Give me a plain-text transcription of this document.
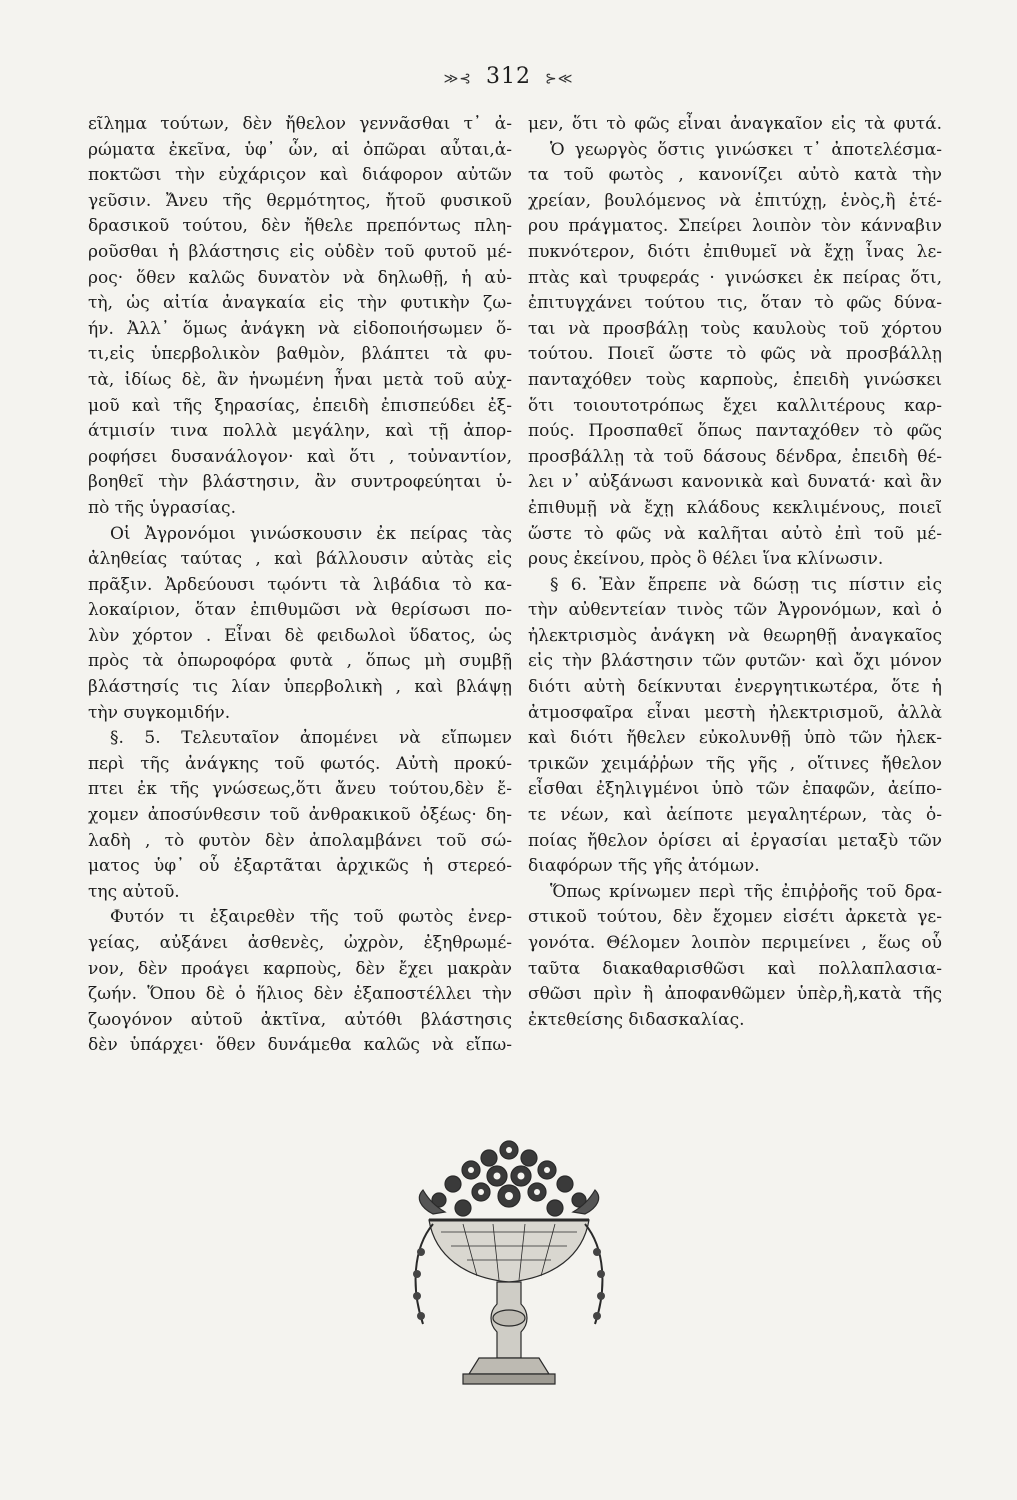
≫⊰ 312 ⊱≪
εῖλημα τούτων, δὲν ἤθελον γεννᾶσθαι τ᾽ ἀ-
ρώματα ἐκεῖνα, ὑφ᾽ ὧν, αἱ ὀπῶραι αὗται,ἀ-
ποκτῶσι τὴν εὐχάριςον καὶ διάφορον αὐτῶν
γεῦσιν. Ἄνευ τῆς θερμότητος, ἤτοῦ φυσικοῦ
δρασικοῦ τούτου, δὲν ἤθελε πρεπόντως πλη-
ροῦσθαι ἡ βλάστησις εἰς οὐδὲν τοῦ φυτοῦ μέ-
ρος· ὅθεν καλῶς δυνατὸν νὰ δηλωθῇ, ἡ αὐ-
τὴ, ὡς αἰτία ἀναγκαία εἰς τὴν φυτικὴν ζω-
ήν. Ἀλλ᾽ ὅμως ἀνάγκη νὰ εἰδοποιήσωμεν ὅ-
τι,εἰς ὑπερβολικὸν βαθμὸν, βλάπτει τὰ φυ-
τὰ, ἰδίως δὲ, ἂν ἡνωμένη ἦναι μετὰ τοῦ αὐχ-
μοῦ καὶ τῆς ξηρασίας, ἐπειδὴ ἐπισπεύδει ἐξ-
άτμισίν τινα πολλὰ μεγάλην, καὶ τῇ ἀπορ-
ροφήσει δυσανάλογον· καὶ ὅτι , τοὐναντίον,
βοηθεῖ τὴν βλάστησιν, ἂν συντροφεύηται ὑ-
πὸ τῆς ὑγρασίας.
Οἱ Ἀγρονόμοι γινώσκουσιν ἐκ πείρας τὰς
ἀληθείας ταύτας , καὶ βάλλουσιν αὐτὰς εἰς
πρᾶξιν. Ἀρδεύουσι τῳόντι τὰ λιβάδια τὸ κα-
λοκαίριον, ὅταν ἐπιθυμῶσι νὰ θερίσωσι πο-
λὺν χόρτον . Εἶναι δὲ φειδωλοὶ ὕδατος, ὡς
πρὸς τὰ ὀπωροφόρα φυτὰ , ὅπως μὴ συμβῇ
βλάστησίς τις λίαν ὑπερβολικὴ , καὶ βλάψῃ
τὴν συγκομιδήν.
§. 5. Τελευταῖον ἀπομένει νὰ εἴπωμεν
περὶ τῆς ἀνάγκης τοῦ φωτός. Αὐτὴ προκύ-
πτει ἐκ τῆς γνώσεως,ὅτι ἄνευ τούτου,δὲν ἔ-
χομεν ἀποσύνθεσιν τοῦ ἀνθρακικοῦ ὀξέως· δη-
λαδὴ , τὸ φυτὸν δὲν ἀπολαμβάνει τοῦ σώ-
ματος ὑφ᾽ οὗ ἐξαρτᾶται ἀρχικῶς ἡ στερεό-
της αὐτοῦ.
Φυτόν τι ἐξαιρεθὲν τῆς τοῦ φωτὸς ἐνερ-
γείας, αὐξάνει ἀσθενὲς, ὠχρὸν, ἐξηθρωμέ-
νον, δὲν προάγει καρποὺς, δὲν ἔχει μακρὰν
ζωήν. Ὅπου δὲ ὁ ἥλιος δὲν ἐξαποστέλλει τὴν
ζωογόνον αὐτοῦ ἀκτῖνα, αὐτόθι βλάστησις
δὲν ὑπάρχει· ὅθεν δυνάμεθα καλῶς νὰ εἴπω-
μεν, ὅτι τὸ φῶς εἶναι ἀναγκαῖον εἰς τὰ φυτά.
Ὁ γεωργὸς ὅστις γινώσκει τ᾽ ἀποτελέσμα-
τα τοῦ φωτὸς , κανονίζει αὐτὸ κατὰ τὴν
χρείαν, βουλόμενος νὰ ἐπιτύχῃ, ἑνὸς,ἢ ἑτέ-
ρου πράγματος. Σπείρει λοιπὸν τὸν κάνναβιν
πυκνότερον, διότι ἐπιθυμεῖ νὰ ἔχῃ ἶνας λε-
πτὰς καὶ τρυφεράς · γινώσκει ἐκ πείρας ὅτι,
ἐπιτυγχάνει τούτου τις, ὅταν τὸ φῶς δύνα-
ται νὰ προσβάλῃ τοὺς καυλοὺς τοῦ χόρτου
τούτου. Ποιεῖ ὥστε τὸ φῶς νὰ προσβάλλῃ
πανταχόθεν τοὺς καρποὺς, ἐπειδὴ γινώσκει
ὅτι τοιουτοτρόπως ἔχει καλλιτέρους καρ-
πούς. Προσπαθεῖ ὅπως πανταχόθεν τὸ φῶς
προσβάλλῃ τὰ τοῦ δάσους δένδρα, ἐπειδὴ θέ-
λει ν᾽ αὐξάνωσι κανονικὰ καὶ δυνατά· καὶ ἂν
ἐπιθυμῇ νὰ ἔχῃ κλάδους κεκλιμένους, ποιεῖ
ὥστε τὸ φῶς νὰ καλῆται αὐτὸ ἐπὶ τοῦ μέ-
ρους ἐκείνου, πρὸς ὃ θέλει ἵνα κλίνωσιν.
§ 6. Ἐὰν ἔπρεπε νὰ δώσῃ τις πίστιν εἰς
τὴν αὐθεντείαν τινὸς τῶν Ἀγρονόμων, καὶ ὁ
ἠλεκτρισμὸς ἀνάγκη νὰ θεωρηθῇ ἀναγκαῖος
εἰς τὴν βλάστησιν τῶν φυτῶν· καὶ ὄχι μόνον
διότι αὐτὴ δείκνυται ἐνεργητικωτέρα, ὅτε ἡ
ἀτμοσφαῖρα εἶναι μεστὴ ἠλεκτρισμοῦ, ἀλλὰ
καὶ διότι ἤθελεν εὐκολυνθῇ ὑπὸ τῶν ἠλεκ-
τρικῶν χειμάῤῥων τῆς γῆς , οἵτινες ἤθελον
εἶσθαι ἐξηλιγμένοι ὑπὸ τῶν ἐπαφῶν, ἀείπο-
τε νέων, καὶ ἀείποτε μεγαλητέρων, τὰς ὁ-
ποίας ἤθελον ὁρίσει αἱ ἐργασίαι μεταξὺ τῶν
διαφόρων τῆς γῆς ἀτόμων.
Ὅπως κρίνωμεν περὶ τῆς ἐπιῤῥοῆς τοῦ δρα-
στικοῦ τούτου, δὲν ἔχομεν εἰσέτι ἀρκετὰ γε-
γονότα. Θέλομεν λοιπὸν περιμείνει , ἕως οὗ
ταῦτα διακαθαρισθῶσι καὶ πολλαπλασια-
σθῶσι πρὶν ἢ ἀποφανθῶμεν ὑπὲρ,ἢ,κατὰ τῆς
ἐκτεθείσης διδασκαλίας.
